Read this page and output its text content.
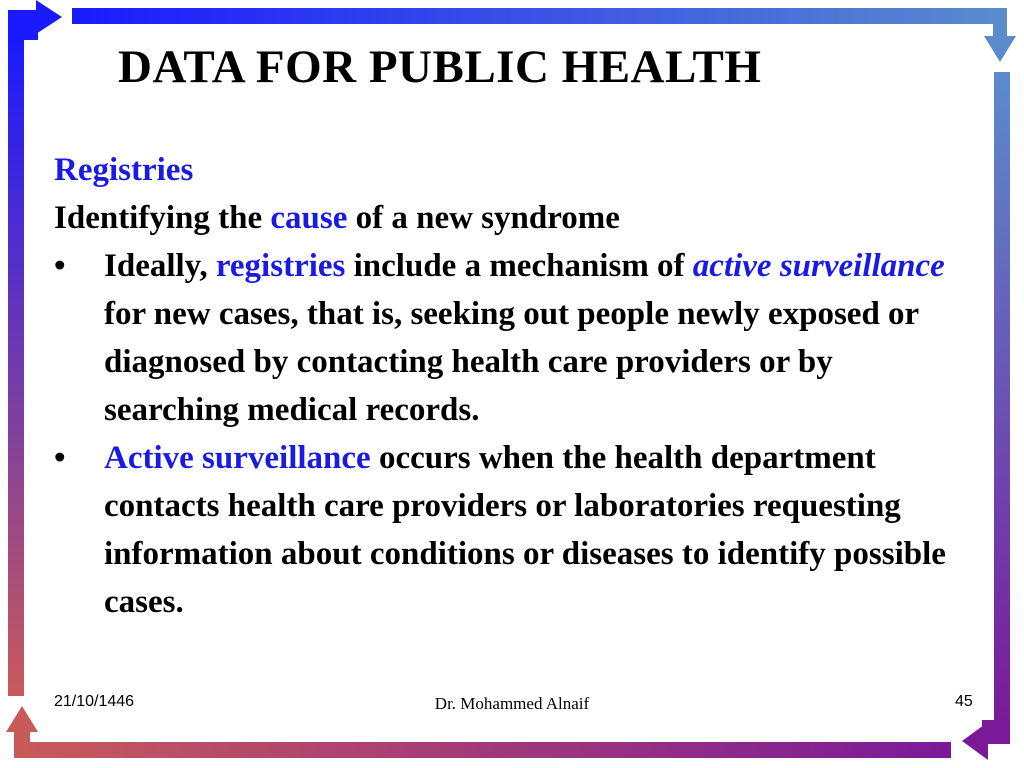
DATA FOR PUBLIC HEALTH
Registries
Identifying the cause of a new syndrome
•	Ideally, registries include a mechanism of active surveillance for new cases, that is, seeking out people newly exposed or diagnosed by contacting health care providers or by searching medical records.
•	Active surveillance occurs when the health department contacts health care providers or laboratories requesting information about conditions or diseases to identify possible cases.
21/10/1446	Dr. Mohammed Alnaif	45
